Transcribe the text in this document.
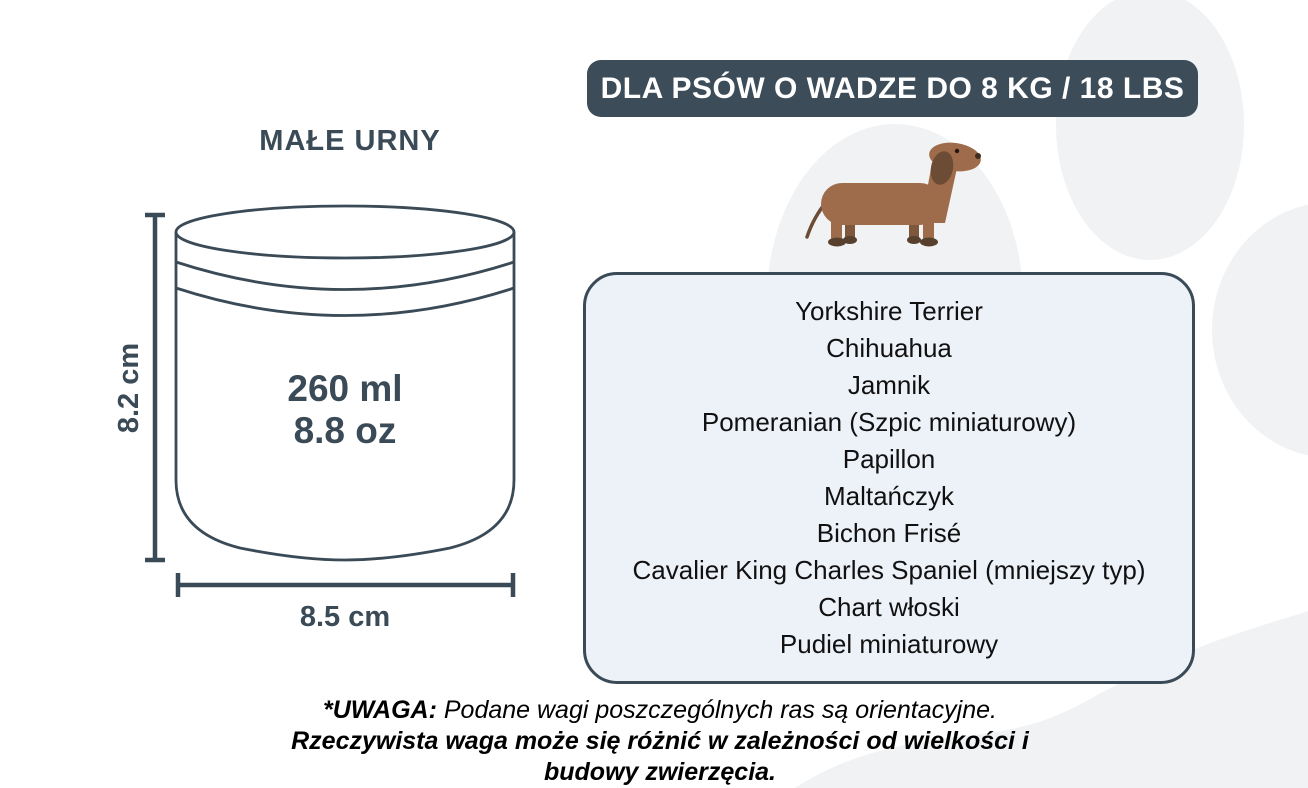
MAŁE URNY
8.2 cm	260 ml
8.8 oz
8.5 cm
DLA PSÓW O WADZE DO 8 KG / 18 LBS
Yorkshire Terrier
Chihuahua
Jamnik
Pomeranian (Szpic miniaturowy)
Papillon
Maltańczyk
Bichon Frisé
Cavalier King Charles Spaniel (mniejszy typ)
Chart włoski
Pudiel miniaturowy
*UWAGA: Podane wagi poszczególnych ras są orientacyjne. Rzeczywista waga może się różnić w zależności od wielkości i budowy zwierzęcia.
